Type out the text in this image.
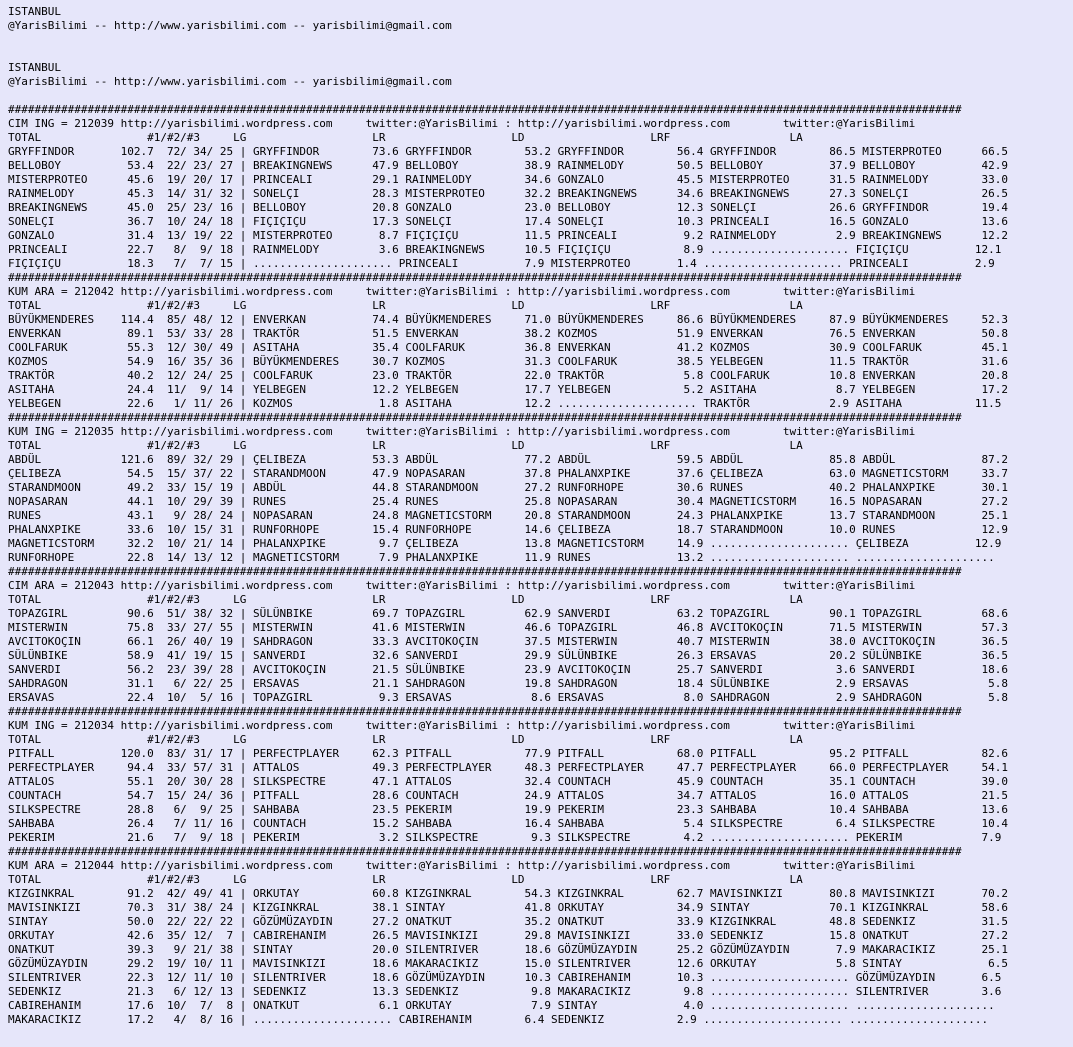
ISTANBUL
@YarisBilimi -- http://www.yarisbilimi.com -- yarisbilimi@gmail.com
ISTANBUL
@YarisBilimi -- http://www.yarisbilimi.com -- yarisbilimi@gmail.com
################################################################################################################################################
CIM ING = 212039 http://yarisbilimi.wordpress.com     twitter:@YarisBilimi : http://yarisbilimi.wordpress.com        twitter:@YarisBilimi
TOTAL                #1/#2/#3     LG                   LR                   LD                   LRF                  LA
GRYFFINDOR       102.7  72/ 34/ 25 | GRYFFINDOR        73.6 GRYFFINDOR        53.2 GRYFFINDOR        56.4 GRYFFINDOR        86.5 MISTERPROTEO      66.5
BELLOBOY          53.4  22/ 23/ 27 | BREAKINGNEWS      47.9 BELLOBOY          38.9 RAINMELODY        50.5 BELLOBOY          37.9 BELLOBOY          42.9
MISTERPROTEO      45.6  19/ 20/ 17 | PRINCEALI         29.1 RAINMELODY        34.6 GONZALO           45.5 MISTERPROTEO      31.5 RAINMELODY        33.0
RAINMELODY        45.3  14/ 31/ 32 | SONELÇI           28.3 MISTERPROTEO      32.2 BREAKINGNEWS      34.6 BREAKINGNEWS      27.3 SONELÇI           26.5
BREAKINGNEWS      45.0  25/ 23/ 16 | BELLOBOY          20.8 GONZALO           23.0 BELLOBOY          12.3 SONELÇI           26.6 GRYFFINDOR        19.4
SONELÇI           36.7  10/ 24/ 18 | FIÇIÇIÇU          17.3 SONELÇI           17.4 SONELÇI           10.3 PRINCEALI         16.5 GONZALO           13.6
GONZALO           31.4  13/ 19/ 22 | MISTERPROTEO       8.7 FIÇIÇIÇU          11.5 PRINCEALI          9.2 RAINMELODY         2.9 BREAKINGNEWS      12.2
PRINCEALI         22.7   8/  9/ 18 | RAINMELODY         3.6 BREAKINGNEWS      10.5 FIÇIÇIÇU           8.9 ..................... FIÇIÇIÇU          12.1
FIÇIÇIÇU          18.3   7/  7/ 15 | ..................... PRINCEALI          7.9 MISTERPROTEO       1.4 ..................... PRINCEALI          2.9
################################################################################################################################################
KUM ARA = 212042 http://yarisbilimi.wordpress.com     twitter:@YarisBilimi : http://yarisbilimi.wordpress.com        twitter:@YarisBilimi
TOTAL                #1/#2/#3     LG                   LR                   LD                   LRF                  LA
BÜYÜKMENDERES    114.4  85/ 48/ 12 | ENVERKAN          74.4 BÜYÜKMENDERES     71.0 BÜYÜKMENDERES     86.6 BÜYÜKMENDERES     87.9 BÜYÜKMENDERES     52.3
ENVERKAN          89.1  53/ 33/ 28 | TRAKTÖR           51.5 ENVERKAN          38.2 KOZMOS            51.9 ENVERKAN          76.5 ENVERKAN          50.8
COOLFARUK         55.3  12/ 30/ 49 | ASITAHA           35.4 COOLFARUK         36.8 ENVERKAN          41.2 KOZMOS            30.9 COOLFARUK         45.1
KOZMOS            54.9  16/ 35/ 36 | BÜYÜKMENDERES     30.7 KOZMOS            31.3 COOLFARUK         38.5 YELBEGEN          11.5 TRAKTÖR           31.6
TRAKTÖR           40.2  12/ 24/ 25 | COOLFARUK         23.0 TRAKTÖR           22.0 TRAKTÖR            5.8 COOLFARUK         10.8 ENVERKAN          20.8
ASITAHA           24.4  11/  9/ 14 | YELBEGEN          12.2 YELBEGEN          17.7 YELBEGEN           5.2 ASITAHA            8.7 YELBEGEN          17.2
YELBEGEN          22.6   1/ 11/ 26 | KOZMOS             1.8 ASITAHA           12.2 ..................... TRAKTÖR            2.9 ASITAHA           11.5
################################################################################################################################################
KUM ING = 212035 http://yarisbilimi.wordpress.com     twitter:@YarisBilimi : http://yarisbilimi.wordpress.com        twitter:@YarisBilimi
TOTAL                #1/#2/#3     LG                   LR                   LD                   LRF                  LA
ABDÜL            121.6  89/ 32/ 29 | ÇELIBEZA          53.3 ABDÜL             77.2 ABDÜL             59.5 ABDÜL             85.8 ABDÜL             87.2
ÇELIBEZA          54.5  15/ 37/ 22 | STARANDMOON       47.9 NOPASARAN         37.8 PHALANXPIKE       37.6 ÇELIBEZA          63.0 MAGNETICSTORM     33.7
STARANDMOON       49.2  33/ 15/ 19 | ABDÜL             44.8 STARANDMOON       27.2 RUNFORHOPE        30.6 RUNES             40.2 PHALANXPIKE       30.1
NOPASARAN         44.1  10/ 29/ 39 | RUNES             25.4 RUNES             25.8 NOPASARAN         30.4 MAGNETICSTORM     16.5 NOPASARAN         27.2
RUNES             43.1   9/ 28/ 24 | NOPASARAN         24.8 MAGNETICSTORM     20.8 STARANDMOON       24.3 PHALANXPIKE       13.7 STARANDMOON       25.1
PHALANXPIKE       33.6  10/ 15/ 31 | RUNFORHOPE        15.4 RUNFORHOPE        14.6 ÇELIBEZA          18.7 STARANDMOON       10.0 RUNES             12.9
MAGNETICSTORM     32.2  10/ 21/ 14 | PHALANXPIKE        9.7 ÇELIBEZA          13.8 MAGNETICSTORM     14.9 ..................... ÇELIBEZA          12.9
RUNFORHOPE        22.8  14/ 13/ 12 | MAGNETICSTORM      7.9 PHALANXPIKE       11.9 RUNES             13.2 ..................... .....................
################################################################################################################################################
CIM ARA = 212043 http://yarisbilimi.wordpress.com     twitter:@YarisBilimi : http://yarisbilimi.wordpress.com        twitter:@YarisBilimi
TOTAL                #1/#2/#3     LG                   LR                   LD                   LRF                  LA
TOPAZGIRL         90.6  51/ 38/ 32 | SÜLÜNBIKE         69.7 TOPAZGIRL         62.9 SANVERDI          63.2 TOPAZGIRL         90.1 TOPAZGIRL         68.6
MISTERWIN         75.8  33/ 27/ 55 | MISTERWIN         41.6 MISTERWIN         46.6 TOPAZGIRL         46.8 AVCITOKOÇIN       71.5 MISTERWIN         57.3
AVCITOKOÇIN       66.1  26/ 40/ 19 | SAHDRAGON         33.3 AVCITOKOÇIN       37.5 MISTERWIN         40.7 MISTERWIN         38.0 AVCITOKOÇIN       36.5
SÜLÜNBIKE         58.9  41/ 19/ 15 | SANVERDI          32.6 SANVERDI          29.9 SÜLÜNBIKE         26.3 ERSAVAS           20.2 SÜLÜNBIKE         36.5
SANVERDI          56.2  23/ 39/ 28 | AVCITOKOÇIN       21.5 SÜLÜNBIKE         23.9 AVCITOKOÇIN       25.7 SANVERDI           3.6 SANVERDI          18.6
SAHDRAGON         31.1   6/ 22/ 25 | ERSAVAS           21.1 SAHDRAGON         19.8 SAHDRAGON         18.4 SÜLÜNBIKE          2.9 ERSAVAS            5.8
ERSAVAS           22.4  10/  5/ 16 | TOPAZGIRL          9.3 ERSAVAS            8.6 ERSAVAS            8.0 SAHDRAGON          2.9 SAHDRAGON          5.8
################################################################################################################################################
KUM ING = 212034 http://yarisbilimi.wordpress.com     twitter:@YarisBilimi : http://yarisbilimi.wordpress.com        twitter:@YarisBilimi
TOTAL                #1/#2/#3     LG                   LR                   LD                   LRF                  LA
PITFALL          120.0  83/ 31/ 17 | PERFECTPLAYER     62.3 PITFALL           77.9 PITFALL           68.0 PITFALL           95.2 PITFALL           82.6
PERFECTPLAYER     94.4  33/ 57/ 31 | ATTALOS           49.3 PERFECTPLAYER     48.3 PERFECTPLAYER     47.7 PERFECTPLAYER     66.0 PERFECTPLAYER     54.1
ATTALOS           55.1  20/ 30/ 28 | SILKSPECTRE       47.1 ATTALOS           32.4 COUNTACH          45.9 COUNTACH          35.1 COUNTACH          39.0
COUNTACH          54.7  15/ 24/ 36 | PITFALL           28.6 COUNTACH          24.9 ATTALOS           34.7 ATTALOS           16.0 ATTALOS           21.5
SILKSPECTRE       28.8   6/  9/ 25 | SAHBABA           23.5 PEKERIM           19.9 PEKERIM           23.3 SAHBABA           10.4 SAHBABA           13.6
SAHBABA           26.4   7/ 11/ 16 | COUNTACH          15.2 SAHBABA           16.4 SAHBABA            5.4 SILKSPECTRE        6.4 SILKSPECTRE       10.4
PEKERIM           21.6   7/  9/ 18 | PEKERIM            3.2 SILKSPECTRE        9.3 SILKSPECTRE        4.2 ..................... PEKERIM            7.9
################################################################################################################################################
KUM ARA = 212044 http://yarisbilimi.wordpress.com     twitter:@YarisBilimi : http://yarisbilimi.wordpress.com        twitter:@YarisBilimi
TOTAL                #1/#2/#3     LG                   LR                   LD                   LRF                  LA
KIZGINKRAL        91.2  42/ 49/ 41 | ORKUTAY           60.8 KIZGINKRAL        54.3 KIZGINKRAL        62.7 MAVISINKIZI       80.8 MAVISINKIZI       70.2
MAVISINKIZI       70.3  31/ 38/ 24 | KIZGINKRAL        38.1 SINTAY            41.8 ORKUTAY           34.9 SINTAY            70.1 KIZGINKRAL        58.6
SINTAY            50.0  22/ 22/ 22 | GÖZÜMÜZAYDIN      27.2 ONATKUT           35.2 ONATKUT           33.9 KIZGINKRAL        48.8 SEDENKIZ          31.5
ORKUTAY           42.6  35/ 12/  7 | CABIREHANIM       26.5 MAVISINKIZI       29.8 MAVISINKIZI       33.0 SEDENKIZ          15.8 ONATKUT           27.2
ONATKUT           39.3   9/ 21/ 38 | SINTAY            20.0 SILENTRIVER       18.6 GÖZÜMÜZAYDIN      25.2 GÖZÜMÜZAYDIN       7.9 MAKARACIKIZ       25.1
GÖZÜMÜZAYDIN      29.2  19/ 10/ 11 | MAVISINKIZI       18.6 MAKARACIKIZ       15.0 SILENTRIVER       12.6 ORKUTAY            5.8 SINTAY             6.5
SILENTRIVER       22.3  12/ 11/ 10 | SILENTRIVER       18.6 GÖZÜMÜZAYDIN      10.3 CABIREHANIM       10.3 ..................... GÖZÜMÜZAYDIN       6.5
SEDENKIZ          21.3   6/ 12/ 13 | SEDENKIZ          13.3 SEDENKIZ           9.8 MAKARACIKIZ        9.8 ..................... SILENTRIVER        3.6
CABIREHANIM       17.6  10/  7/  8 | ONATKUT            6.1 ORKUTAY            7.9 SINTAY             4.0 ..................... .....................
MAKARACIKIZ       17.2   4/  8/ 16 | ..................... CABIREHANIM        6.4 SEDENKIZ           2.9 ..................... .....................
